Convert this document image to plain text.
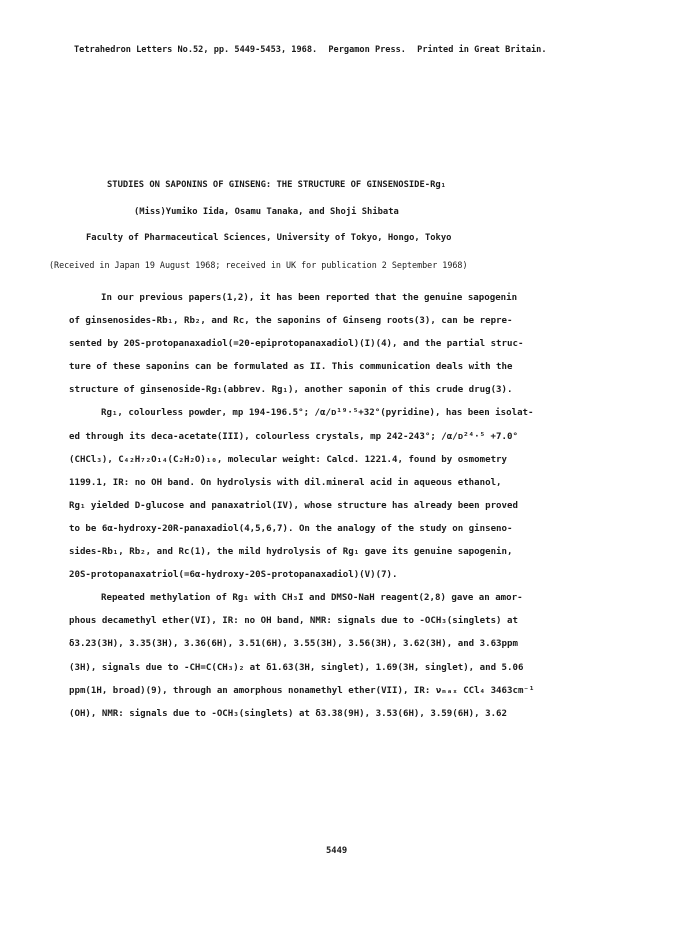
Tetrahedron Letters No.52, pp. 5449-5453, 1968. Pergamon Press. Printed in Great Britain.
STUDIES ON SAPONINS OF GINSENG: THE STRUCTURE OF GINSENOSIDE-Rg₁
(Miss)Yumiko Iida, Osamu Tanaka, and Shoji Shibata
Faculty of Pharmaceutical Sciences, University of Tokyo, Hongo, Tokyo
(Received in Japan 19 August 1968; received in UK for publication 2 September 1968)
In our previous papers(1,2), it has been reported that the genuine sapogenin
of ginsenosides-Rb₁, Rb₂, and Rc, the saponins of Ginseng roots(3), can be repre-
sented by 20S-protopanaxadiol(=20-epiprotopanaxadiol)(I)(4), and the partial struc-
ture of these saponins can be formulated as II. This communication deals with the
structure of ginsenoside-Rg₁(abbrev. Rg₁), another saponin of this crude drug(3).
Rg₁, colourless powder, mp 194-196.5°; /α/ᴅ¹⁹·⁵+32°(pyridine), has been isolat-
ed through its deca-acetate(III), colourless crystals, mp 242-243°; /α/ᴅ²⁴·⁵ +7.0°
(CHCl₃), C₄₂H₇₂O₁₄(C₂H₂O)₁₀, molecular weight: Calcd. 1221.4, found by osmometry
1199.1, IR: no OH band. On hydrolysis with dil.mineral acid in aqueous ethanol,
Rg₁ yielded D-glucose and panaxatriol(IV), whose structure has already been proved
to be 6α-hydroxy-20R-panaxadiol(4,5,6,7). On the analogy of the study on ginseno-
sides-Rb₁, Rb₂, and Rc(1), the mild hydrolysis of Rg₁ gave its genuine sapogenin,
20S-protopanaxatriol(=6α-hydroxy-20S-protopanaxadiol)(V)(7).
Repeated methylation of Rg₁ with CH₃I and DMSO-NaH reagent(2,8) gave an amor-
phous decamethyl ether(VI), IR: no OH band, NMR: signals due to -OCH₃(singlets) at
δ3.23(3H), 3.35(3H), 3.36(6H), 3.51(6H), 3.55(3H), 3.56(3H), 3.62(3H), and 3.63ppm
(3H), signals due to -CH=C(CH₃)₂ at δ1.63(3H, singlet), 1.69(3H, singlet), and 5.06
ppm(1H, broad)(9), through an amorphous nonamethyl ether(VII), IR: νₘₐₓ CCl₄ 3463cm⁻¹
(OH), NMR: signals due to -OCH₃(singlets) at δ3.38(9H), 3.53(6H), 3.59(6H), 3.62
5449
